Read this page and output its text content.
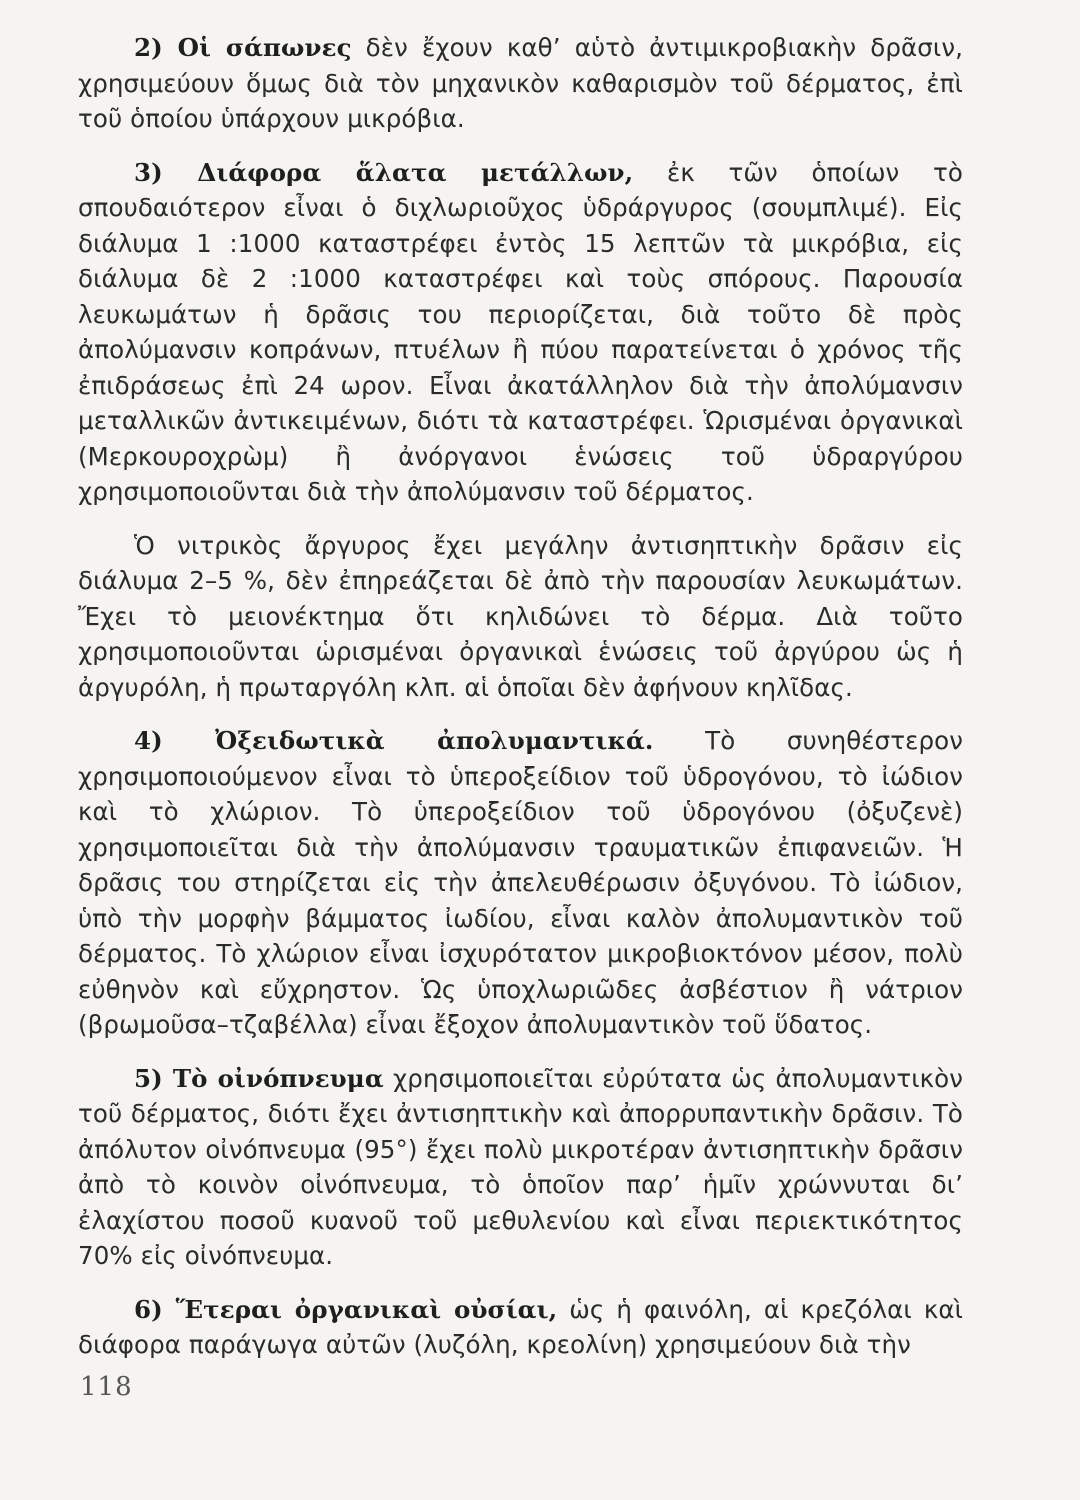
2) Οἱ σάπωνες δὲν ἔχουν καθ’ αὑτὸ ἀντιμικροβιακὴν δρᾶσιν, χρησιμεύουν ὅμως διὰ τὸν μηχανικὸν καθαρισμὸν τοῦ δέρματος, ἐπὶ τοῦ ὁποίου ὑπάρχουν μικρόβια.

3) Διάφορα ἅλατα μετάλλων, ἐκ τῶν ὁποίων τὸ σπουδαιότερον εἶναι ὁ διχλωριοῦχος ὑδράργυρος (σουμπλιμέ). Εἰς διάλυμα 1 :1000 καταστρέφει ἐντὸς 15 λεπτῶν τὰ μικρόβια, εἰς διάλυμα δὲ 2 :1000 καταστρέφει καὶ τοὺς σπόρους. Παρουσία λευκωμάτων ἡ δρᾶσις του περιορίζεται, διὰ τοῦτο δὲ πρὸς ἀπολύμανσιν κοπράνων, πτυέλων ἢ πύου παρατείνεται ὁ χρόνος τῆς ἐπιδράσεως ἐπὶ 24 ωρον. Εἶναι ἀκατάλληλον διὰ τὴν ἀπολύμανσιν μεταλλικῶν ἀντικειμένων, διότι τὰ καταστρέφει. Ὡρισμέναι ὀργανικαὶ (Μερκουροχρὼμ) ἢ ἀνόργανοι ἑνώσεις τοῦ ὑδραργύρου χρησιμοποιοῦνται διὰ τὴν ἀπολύμανσιν τοῦ δέρματος.

Ὁ νιτρικὸς ἄργυρος ἔχει μεγάλην ἀντισηπτικὴν δρᾶσιν εἰς διάλυμα 2–5 %, δὲν ἐπηρεάζεται δὲ ἀπὸ τὴν παρουσίαν λευκωμάτων. Ἔχει τὸ μειονέκτημα ὅτι κηλιδώνει τὸ δέρμα. Διὰ τοῦτο χρησιμοποιοῦνται ὡρισμέναι ὀργανικαὶ ἑνώσεις τοῦ ἀργύρου ὡς ἡ ἀργυρόλη, ἡ πρωταργόλη κλπ. αἱ ὁποῖαι δὲν ἀφήνουν κηλῖδας.

4) Ὀξειδωτικὰ ἀπολυμαντικά. Τὸ συνηθέστερον χρησιμοποιούμενον εἶναι τὸ ὑπεροξείδιον τοῦ ὑδρογόνου, τὸ ἰώδιον καὶ τὸ χλώριον. Τὸ ὑπεροξείδιον τοῦ ὑδρογόνου (ὀξυζενὲ) χρησιμοποιεῖται διὰ τὴν ἀπολύμανσιν τραυματικῶν ἐπιφανειῶν. Ἡ δρᾶσις του στηρίζεται εἰς τὴν ἀπελευθέρωσιν ὀξυγόνου. Τὸ ἰώδιον, ὑπὸ τὴν μορφὴν βάμματος ἰωδίου, εἶναι καλὸν ἀπολυμαντικὸν τοῦ δέρματος. Τὸ χλώριον εἶναι ἰσχυρότατον μικροβιοκτόνον μέσον, πολὺ εὐθηνὸν καὶ εὔχρηστον. Ὡς ὑποχλωριῶδες ἀσβέστιον ἢ νάτριον (βρωμοῦσα–τζαβέλλα) εἶναι ἔξοχον ἀπολυμαντικὸν τοῦ ὕδατος.

5) Τὸ οἰνόπνευμα χρησιμοποιεῖται εὐρύτατα ὡς ἀπολυμαντικὸν τοῦ δέρματος, διότι ἔχει ἀντισηπτικὴν καὶ ἀπορρυπαντικὴν δρᾶσιν. Τὸ ἀπόλυτον οἰνόπνευμα (95°) ἔχει πολὺ μικροτέραν ἀντισηπτικὴν δρᾶσιν ἀπὸ τὸ κοινὸν οἰνόπνευμα, τὸ ὁποῖον παρ’ ἡμῖν χρώννυται δι’ ἐλαχίστου ποσοῦ κυανοῦ τοῦ μεθυλενίου καὶ εἶναι περιεκτικότητος 70% εἰς οἰνόπνευμα.

6) Ἕτεραι ὀργανικαὶ οὐσίαι, ὡς ἡ φαινόλη, αἱ κρεζόλαι καὶ διάφορα παράγωγα αὐτῶν (λυζόλη, κρεολίνη) χρησιμεύουν διὰ τὴν

118
